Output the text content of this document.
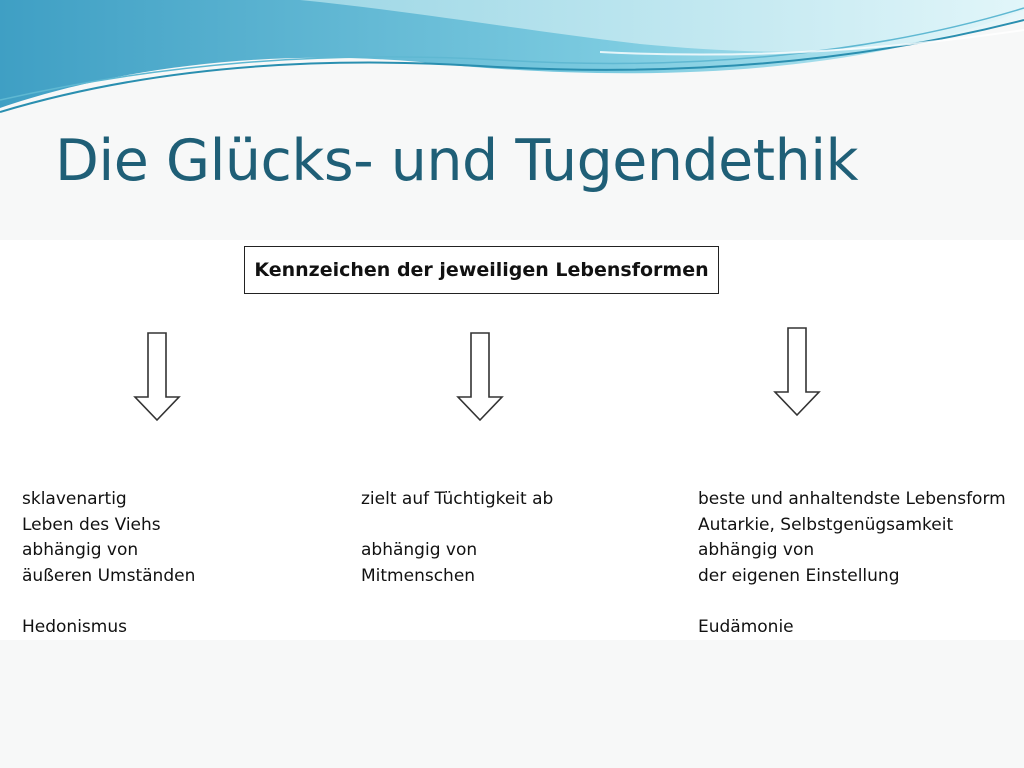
Die Glücks- und Tugendethik
Kennzeichen der jeweiligen Lebensformen
sklavenartig
Leben des Viehs
abhängig von
äußeren Umständen
Hedonismus
zielt auf Tüchtigkeit ab
abhängig von
Mitmenschen
beste und anhaltendste Lebensform
Autarkie, Selbstgenügsamkeit
abhängig von
der eigenen Einstellung
Eudämonie
